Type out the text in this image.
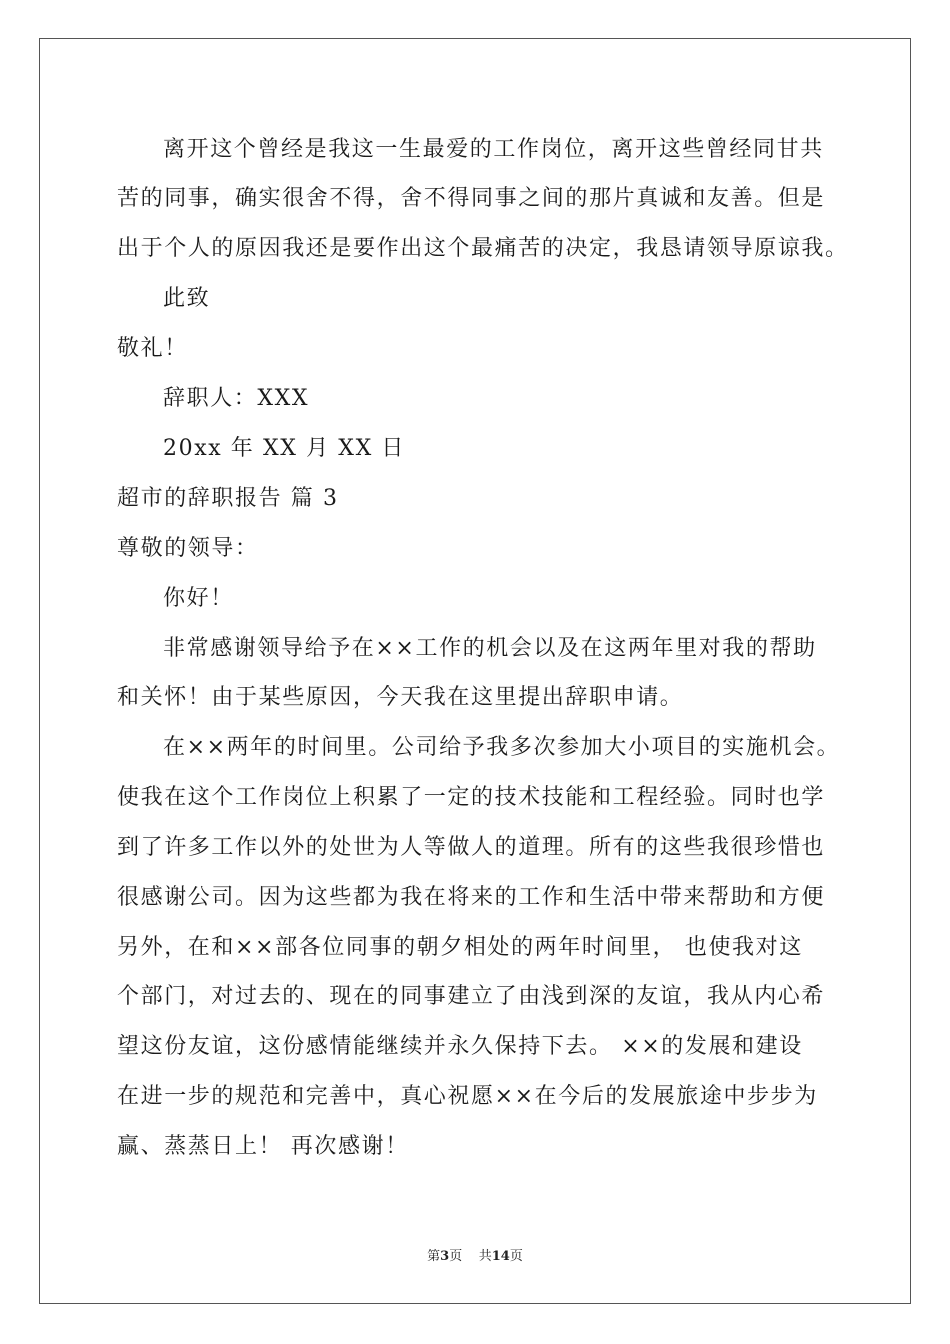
离开这个曾经是我这一生最爱的工作岗位，离开这些曾经同甘共
苦的同事，确实很舍不得，舍不得同事之间的那片真诚和友善。但是
出于个人的原因我还是要作出这个最痛苦的决定，我恳请领导原谅我。
此致
敬礼！
辞职人：XXX
20xx 年 XX 月 XX 日
超市的辞职报告 篇 3
尊敬的领导：
你好！
非常感谢领导给予在××工作的机会以及在这两年里对我的帮助
和关怀！由于某些原因，今天我在这里提出辞职申请。
在××两年的时间里。公司给予我多次参加大小项目的实施机会。
使我在这个工作岗位上积累了一定的技术技能和工程经验。同时也学
到了许多工作以外的处世为人等做人的道理。所有的这些我很珍惜也
很感谢公司。因为这些都为我在将来的工作和生活中带来帮助和方便
另外，在和××部各位同事的朝夕相处的两年时间里， 也使我对这
个部门，对过去的、现在的同事建立了由浅到深的友谊，我从内心希
望这份友谊，这份感情能继续并永久保持下去。 ××的发展和建设
在进一步的规范和完善中，真心祝愿××在今后的发展旅途中步步为
赢、蒸蒸日上！ 再次感谢！
第3页    共14页
